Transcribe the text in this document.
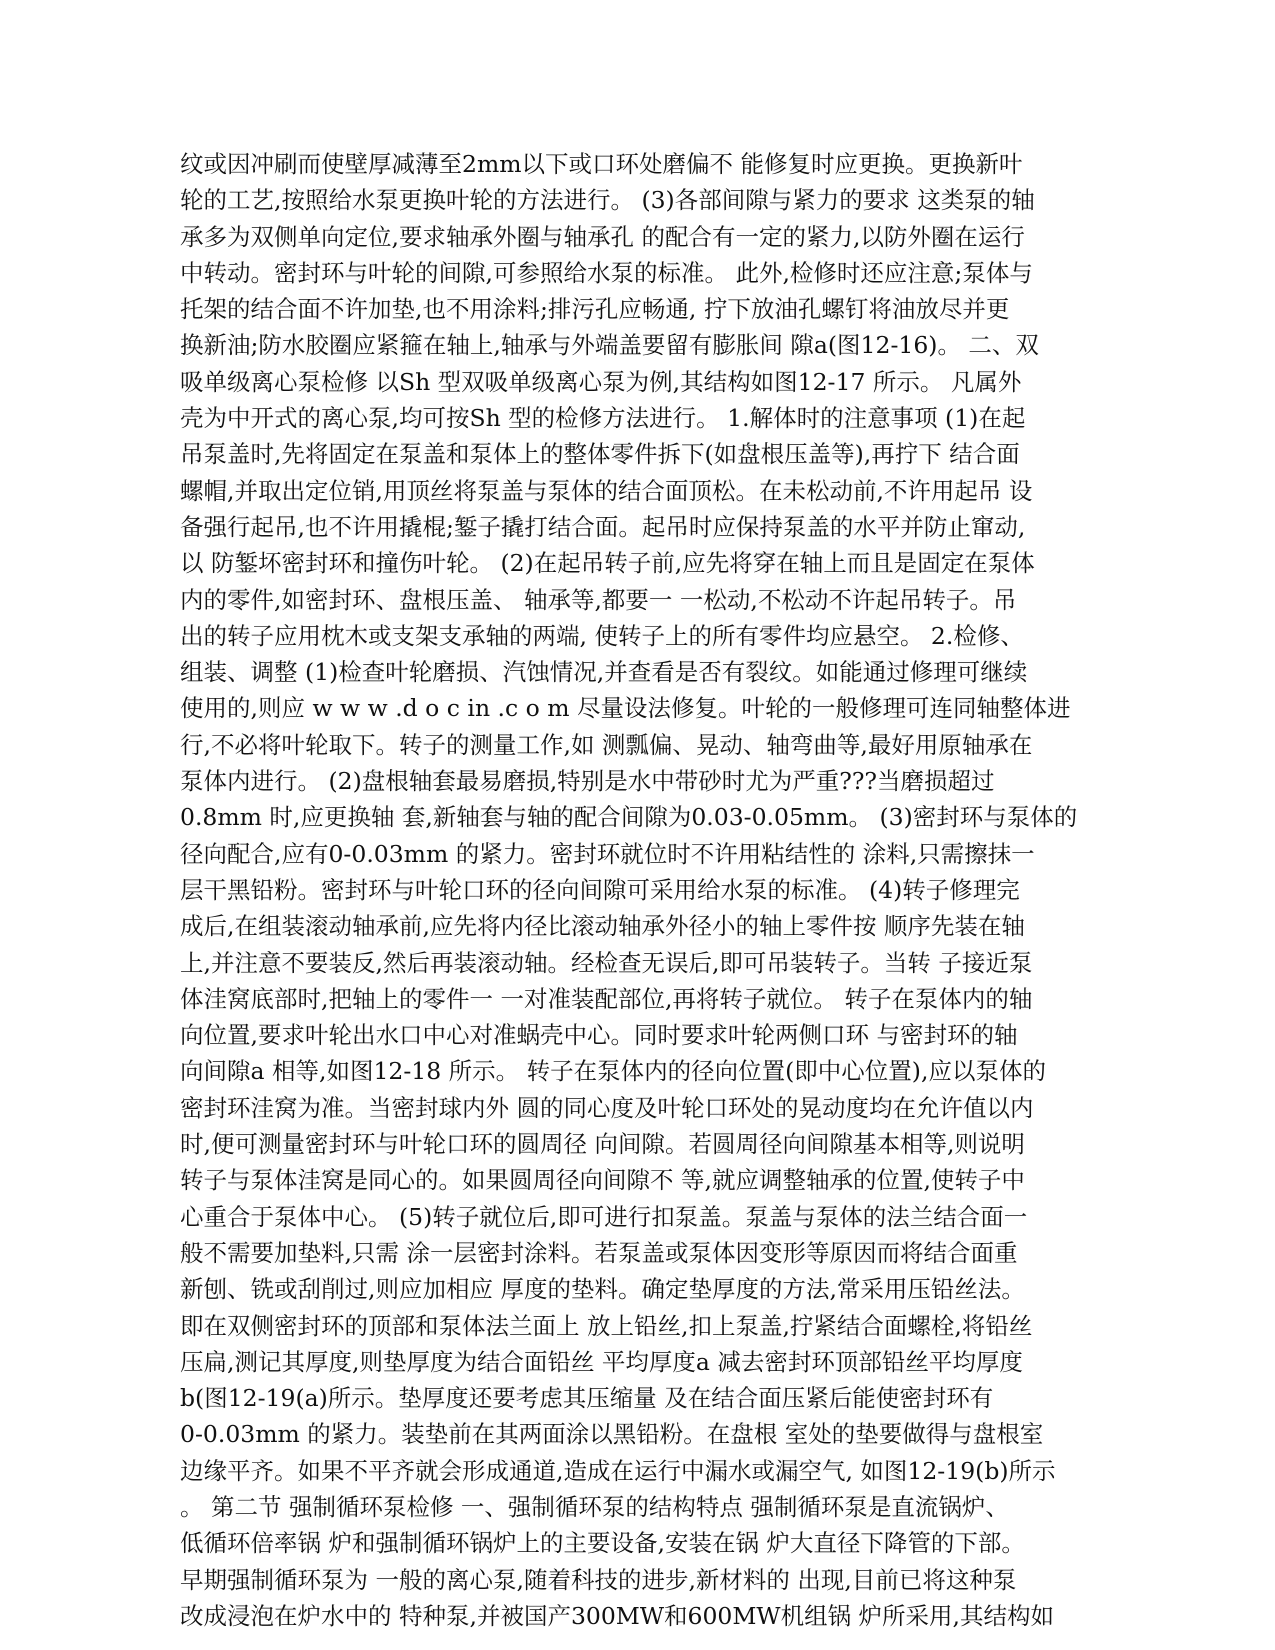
纹或因冲刷而使壁厚减薄至2mm以下或口环处磨偏不 能修复时应更换。更换新叶
轮的工艺,按照给水泵更换叶轮的方法进行。 (3)各部间隙与紧力的要求 这类泵的轴
承多为双侧单向定位,要求轴承外圈与轴承孔 的配合有一定的紧力,以防外圈在运行
中转动。密封环与叶轮的间隙,可参照给水泵的标准。 此外,检修时还应注意;泵体与
托架的结合面不许加垫,也不用涂料;排污孔应畅通, 拧下放油孔螺钉将油放尽并更
换新油;防水胶圈应紧箍在轴上,轴承与外端盖要留有膨胀间 隙a(图12-16)。 二、双
吸单级离心泵检修 以Sh 型双吸单级离心泵为例,其结构如图12-17 所示。 凡属外
壳为中开式的离心泵,均可按Sh 型的检修方法进行。 1.解体时的注意事项 (1)在起
吊泵盖时,先将固定在泵盖和泵体上的整体零件拆下(如盘根压盖等),再拧下 结合面
螺帽,并取出定位销,用顶丝将泵盖与泵体的结合面顶松。在未松动前,不许用起吊 设
备强行起吊,也不许用撬棍;錾子撬打结合面。起吊时应保持泵盖的水平并防止窜动,
以 防錾坏密封环和撞伤叶轮。 (2)在起吊转子前,应先将穿在轴上而且是固定在泵体
内的零件,如密封环、盘根压盖、 轴承等,都要一 一松动,不松动不许起吊转子。吊
出的转子应用枕木或支架支承轴的两端, 使转子上的所有零件均应悬空。 2.检修、
组装、调整 (1)检查叶轮磨损、汽蚀情况,并查看是否有裂纹。如能通过修理可继续
使用的,则应 w w w .d o c in .c o m 尽量设法修复。叶轮的一般修理可连同轴整体进
行,不必将叶轮取下。转子的测量工作,如 测瓢偏、晃动、轴弯曲等,最好用原轴承在
泵体内进行。 (2)盘根轴套最易磨损,特别是水中带砂时尤为严重???当磨损超过
0.8mm 时,应更换轴 套,新轴套与轴的配合间隙为0.03-0.05mm。 (3)密封环与泵体的
径向配合,应有0-0.03mm 的紧力。密封环就位时不许用粘结性的 涂料,只需擦抹一
层干黑铅粉。密封环与叶轮口环的径向间隙可采用给水泵的标准。 (4)转子修理完
成后,在组装滚动轴承前,应先将内径比滚动轴承外径小的轴上零件按 顺序先装在轴
上,并注意不要装反,然后再装滚动轴。经检查无误后,即可吊装转子。当转 子接近泵
体洼窝底部时,把轴上的零件一 一对准装配部位,再将转子就位。 转子在泵体内的轴
向位置,要求叶轮出水口中心对准蜗壳中心。同时要求叶轮两侧口环 与密封环的轴
向间隙a 相等,如图12-18 所示。 转子在泵体内的径向位置(即中心位置),应以泵体的
密封环洼窝为准。当密封球内外 圆的同心度及叶轮口环处的晃动度均在允许值以内
时,便可测量密封环与叶轮口环的圆周径 向间隙。若圆周径向间隙基本相等,则说明
转子与泵体洼窝是同心的。如果圆周径向间隙不 等,就应调整轴承的位置,使转子中
心重合于泵体中心。 (5)转子就位后,即可进行扣泵盖。泵盖与泵体的法兰结合面一
般不需要加垫料,只需 涂一层密封涂料。若泵盖或泵体因变形等原因而将结合面重
新刨、铣或刮削过,则应加相应 厚度的垫料。确定垫厚度的方法,常采用压铅丝法。
即在双侧密封环的顶部和泵体法兰面上 放上铅丝,扣上泵盖,拧紧结合面螺栓,将铅丝
压扁,测记其厚度,则垫厚度为结合面铅丝 平均厚度a 减去密封环顶部铅丝平均厚度
b(图12-19(a)所示。垫厚度还要考虑其压缩量 及在结合面压紧后能使密封环有
0-0.03mm 的紧力。装垫前在其两面涂以黑铅粉。在盘根 室处的垫要做得与盘根室
边缘平齐。如果不平齐就会形成通道,造成在运行中漏水或漏空气, 如图12-19(b)所示
。 第二节 强制循环泵检修 一、强制循环泵的结构特点 强制循环泵是直流锅炉、
低循环倍率锅 炉和强制循环锅炉上的主要设备,安装在锅 炉大直径下降管的下部。
早期强制循环泵为 一般的离心泵,随着科技的进步,新材料的 出现,目前已将这种泵
改成浸泡在炉水中的 特种泵,并被国产300MW和600MW机组锅 炉所采用,其结构如
